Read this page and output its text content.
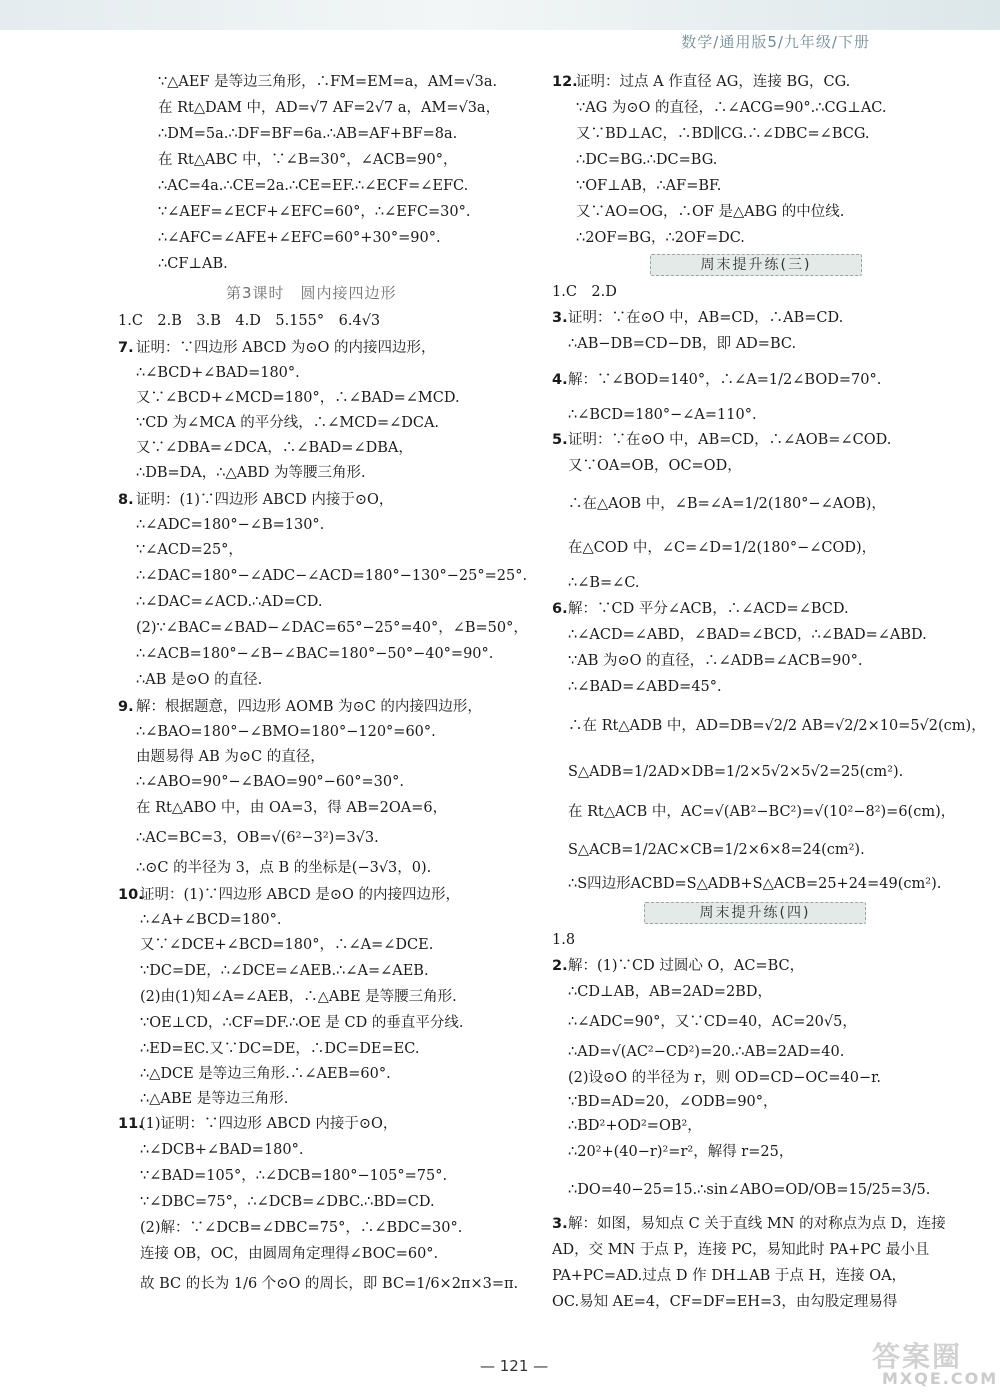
数学/通用版5/九年级/下册
∵△AEF 是等边三角形，∴FM=EM=a，AM=√3a.
在 Rt△DAM 中，AD=√7 AF=2√7 a，AM=√3a，
∴DM=5a.∴DF=BF=6a.∴AB=AF+BF=8a.
在 Rt△ABC 中，∵∠B=30°，∠ACB=90°，
∴AC=4a.∴CE=2a.∴CE=EF.∴∠ECF=∠EFC.
∵∠AEF=∠ECF+∠EFC=60°，∴∠EFC=30°.
∴∠AFC=∠AFE+∠EFC=60°+30°=90°.
∴CF⊥AB.
第3课时　圆内接四边形
1.C　2.B　3.B　4.D　5.155°　6.4√3
7. 证明：∵四边形 ABCD 为⊙O 的内接四边形，
∴∠BCD+∠BAD=180°.
又∵∠BCD+∠MCD=180°，∴∠BAD=∠MCD.
∵CD 为∠MCA 的平分线，∴∠MCD=∠DCA.
又∵∠DBA=∠DCA，∴∠BAD=∠DBA，
∴DB=DA，∴△ABD 为等腰三角形.
8. 证明：(1)∵四边形 ABCD 内接于⊙O，
∴∠ADC=180°−∠B=130°.
∵∠ACD=25°，
∴∠DAC=180°−∠ADC−∠ACD=180°−130°−25°=25°.
∴∠DAC=∠ACD.∴AD=CD.
(2)∵∠BAC=∠BAD−∠DAC=65°−25°=40°，∠B=50°，
∴∠ACB=180°−∠B−∠BAC=180°−50°−40°=90°.
∴AB 是⊙O 的直径.
9. 解：根据题意，四边形 AOMB 为⊙C 的内接四边形，
∴∠BAO=180°−∠BMO=180°−120°=60°.
由题易得 AB 为⊙C 的直径，
∴∠ABO=90°−∠BAO=90°−60°=30°.
在 Rt△ABO 中，由 OA=3，得 AB=2OA=6，
∴AC=BC=3，OB=√(6²−3²)=3√3.
∴⊙C 的半径为 3，点 B 的坐标是(−3√3，0).
10.
证明：(1)∵四边形 ABCD 是⊙O 的内接四边形，
∴∠A+∠BCD=180°.
又∵∠DCE+∠BCD=180°，∴∠A=∠DCE.
∵DC=DE，∴∠DCE=∠AEB.∴∠A=∠AEB.
(2)由(1)知∠A=∠AEB，∴△ABE 是等腰三角形.
∵OE⊥CD，∴CF=DF.∴OE 是 CD 的垂直平分线.
∴ED=EC.又∵DC=DE，∴DC=DE=EC.
∴△DCE 是等边三角形.∴∠AEB=60°.
∴△ABE 是等边三角形.
11.
(1)证明：∵四边形 ABCD 内接于⊙O，
∴∠DCB+∠BAD=180°.
∵∠BAD=105°，∴∠DCB=180°−105°=75°.
∵∠DBC=75°，∴∠DCB=∠DBC.∴BD=CD.
(2)解：∵∠DCB=∠DBC=75°，∴∠BDC=30°.
连接 OB，OC，由圆周角定理得∠BOC=60°.
故 BC 的长为 1/6 个⊙O 的周长，即 BC=1/6×2π×3=π.
12.
证明：过点 A 作直径 AG，连接 BG，CG.
∵AG 为⊙O 的直径，∴∠ACG=90°.∴CG⊥AC.
又∵BD⊥AC，∴BD∥CG.∴∠DBC=∠BCG.
∴DC=BG.∴DC=BG.
∵OF⊥AB，∴AF=BF.
又∵AO=OG，∴OF 是△ABG 的中位线.
∴2OF=BG，∴2OF=DC.
周末提升练(三)
1.C　2.D
3. 证明：∵在⊙O 中，AB=CD，∴AB=CD.
∴AB−DB=CD−DB，即 AD=BC.
4. 解：∵∠BOD=140°，∴∠A=1/2∠BOD=70°.
∴∠BCD=180°−∠A=110°.
5. 证明：∵在⊙O 中，AB=CD，∴∠AOB=∠COD.
又∵OA=OB，OC=OD，
∴在△AOB 中，∠B=∠A=1/2(180°−∠AOB)，
在△COD 中，∠C=∠D=1/2(180°−∠COD)，
∴∠B=∠C.
6. 解：∵CD 平分∠ACB，∴∠ACD=∠BCD.
∴∠ACD=∠ABD，∠BAD=∠BCD，∴∠BAD=∠ABD.
∵AB 为⊙O 的直径，∴∠ADB=∠ACB=90°.
∴∠BAD=∠ABD=45°.
∴在 Rt△ADB 中，AD=DB=√2/2 AB=√2/2×10=5√2(cm)，
S△ADB=1/2AD×DB=1/2×5√2×5√2=25(cm²).
在 Rt△ACB 中，AC=√(AB²−BC²)=√(10²−8²)=6(cm)，
S△ACB=1/2AC×CB=1/2×6×8=24(cm²).
∴S四边形ACBD=S△ADB+S△ACB=25+24=49(cm²).
周末提升练(四)
1.8
2. 解：(1)∵CD 过圆心 O，AC=BC，
∴CD⊥AB，AB=2AD=2BD，
∴∠ADC=90°，又∵CD=40，AC=20√5，
∴AD=√(AC²−CD²)=20.∴AB=2AD=40.
(2)设⊙O 的半径为 r，则 OD=CD−OC=40−r.
∵BD=AD=20，∠ODB=90°，
∴BD²+OD²=OB²，
∴20²+(40−r)²=r²，解得 r=25，
∴DO=40−25=15.∴sin∠ABO=OD/OB=15/25=3/5.
3. 解：如图，易知点 C 关于直线 MN 的对称点为点 D，连接
AD，交 MN 于点 P，连接 PC，易知此时 PA+PC 最小且
PA+PC=AD.过点 D 作 DH⊥AB 于点 H，连接 OA，
OC.易知 AE=4，CF=DF=EH=3，由勾股定理易得
— 121 —	答案圈
MXQE.COM
